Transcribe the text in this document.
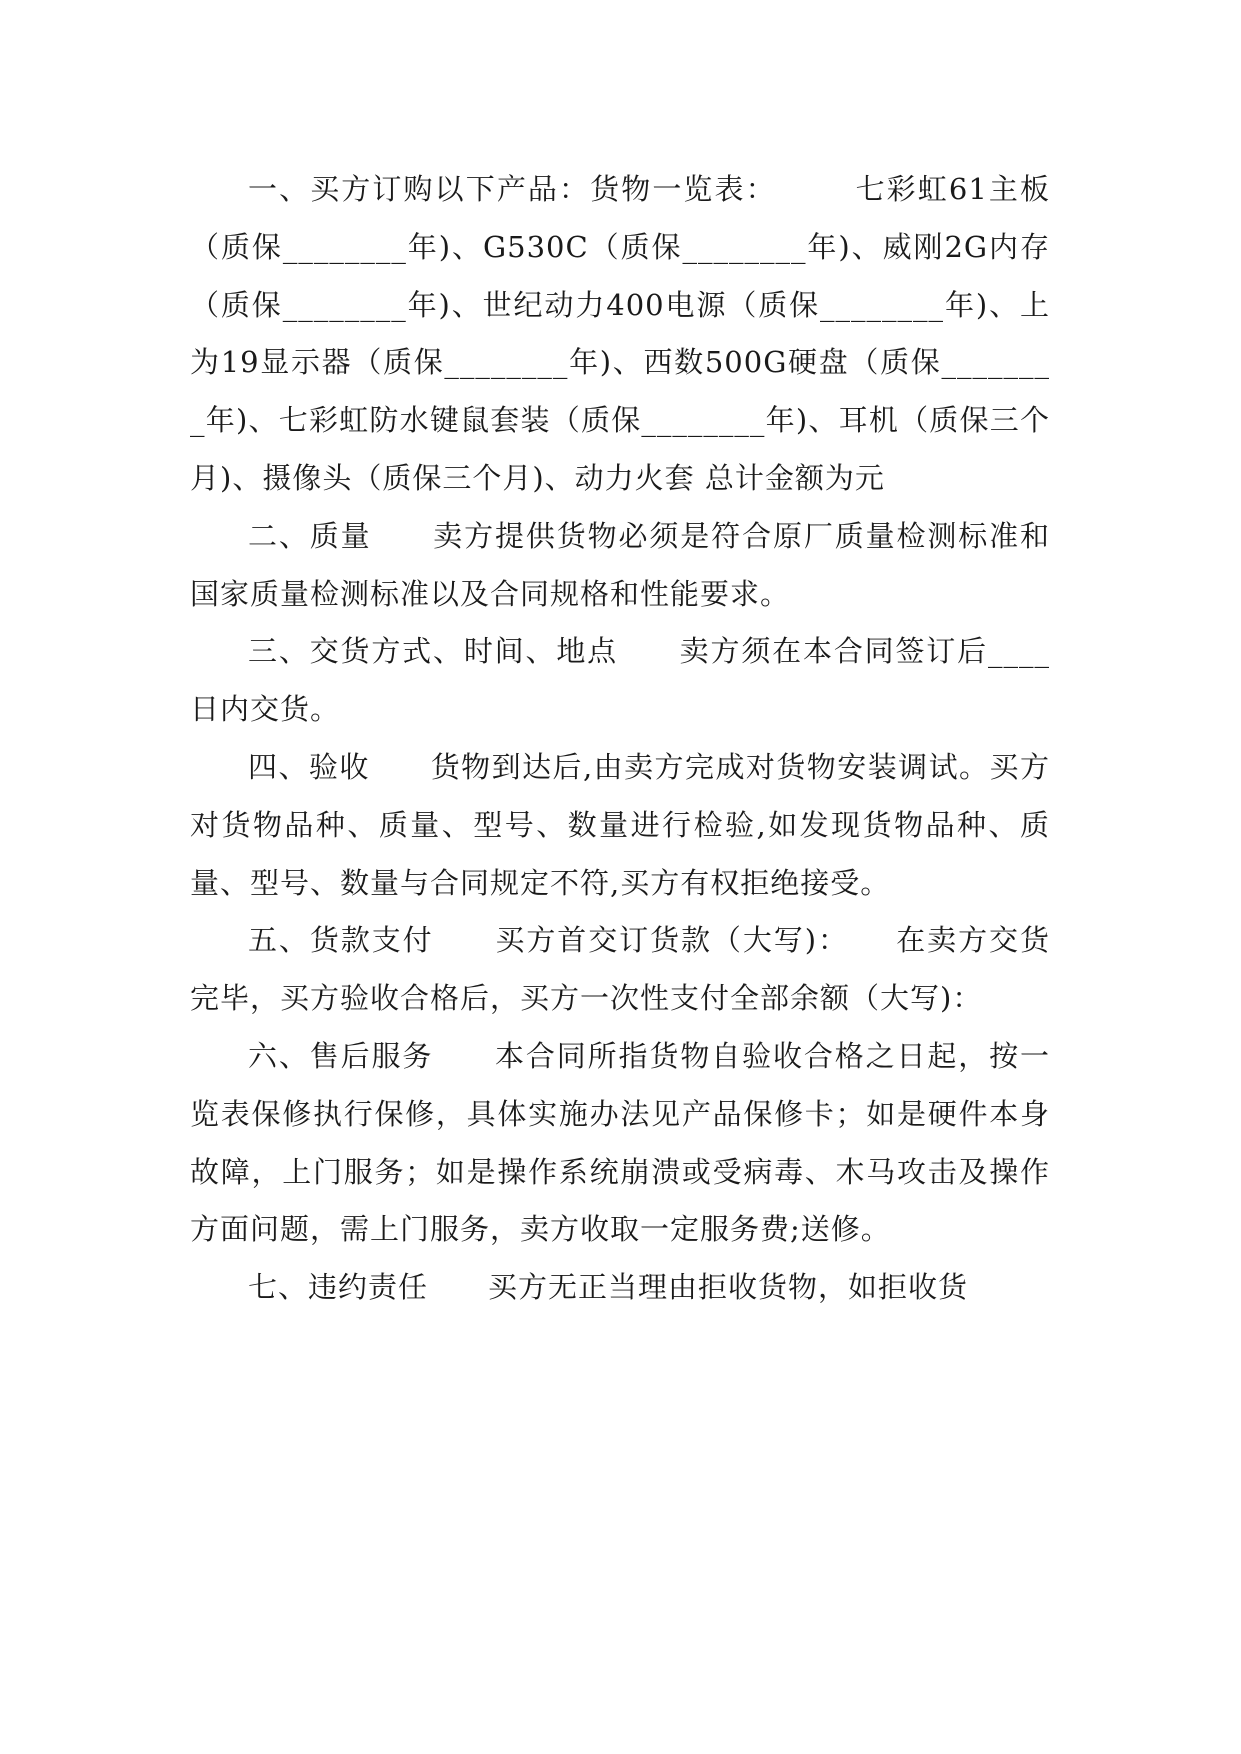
一、买方订购以下产品：货物一览表：　　　	七彩虹61主板（质保________年)、G530C（质保________年)、威刚2G内存（质保________年)、世纪动力400电源（质保________年)、上为19显示器（质保________年)、西数500G硬盘（质保________年)、七彩虹防水键鼠套装（质保________年)、耳机（质保三个月)、摄像头（质保三个月)、动力火套 总计金额为元

二、质量　　 卖方提供货物必须是符合原厂质量检测标准和国家质量检测标准以及合同规格和性能要求。

三、交货方式、时间、地点　　 卖方须在本合同签订后____日内交货。

四、验收　　 货物到达后,由卖方完成对货物安装调试。买方对货物品种、质量、型号、数量进行检验,如发现货物品种、质量、型号、数量与合同规定不符,买方有权拒绝接受。

五、货款支付　　 买方首交订货款（大写)：　　在卖方交货完毕，买方验收合格后，买方一次性支付全部余额（大写)：

六、售后服务　　 本合同所指货物自验收合格之日起，按一览表保修执行保修，具体实施办法见产品保修卡；如是硬件本身故障，上门服务；如是操作系统崩溃或受病毒、木马攻击及操作方面问题，需上门服务，卖方收取一定服务费;送修。

七、违约责任　　 买方无正当理由拒收货物，如拒收货
